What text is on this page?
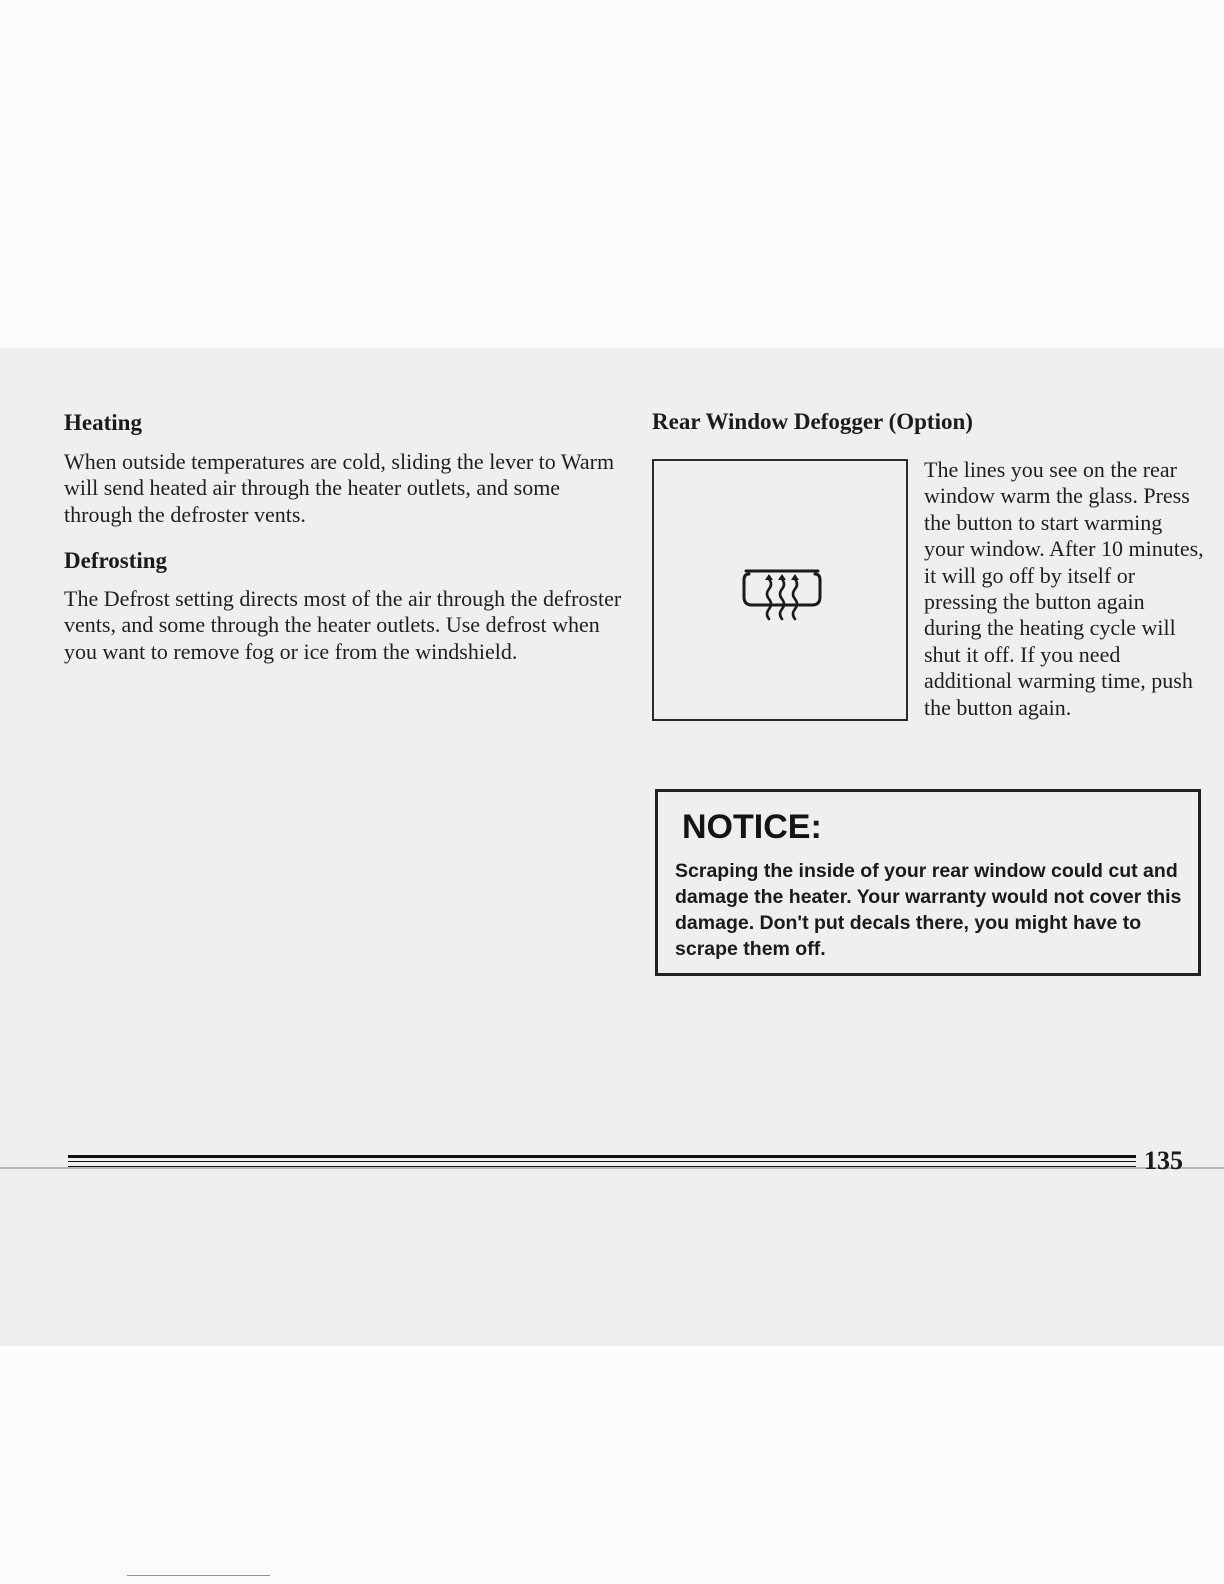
Heating

When outside temperatures are cold, sliding the lever to Warm will send heated air through the heater outlets, and some through the defroster vents.

Defrosting

The Defrost setting directs most of the air through the defroster vents, and some through the heater outlets. Use defrost when you want to remove fog or ice from the windshield.

Rear Window Defogger (Option)

The lines you see on the rear window warm the glass. Press the button to start warming your window. After 10 minutes, it will go off by itself or pressing the button again during the heating cycle will shut it off. If you need additional warming time, push the button again.

NOTICE:

Scraping the inside of your rear window could cut and damage the heater. Your warranty would not cover this damage. Don't put decals there, you might have to scrape them off.

135
